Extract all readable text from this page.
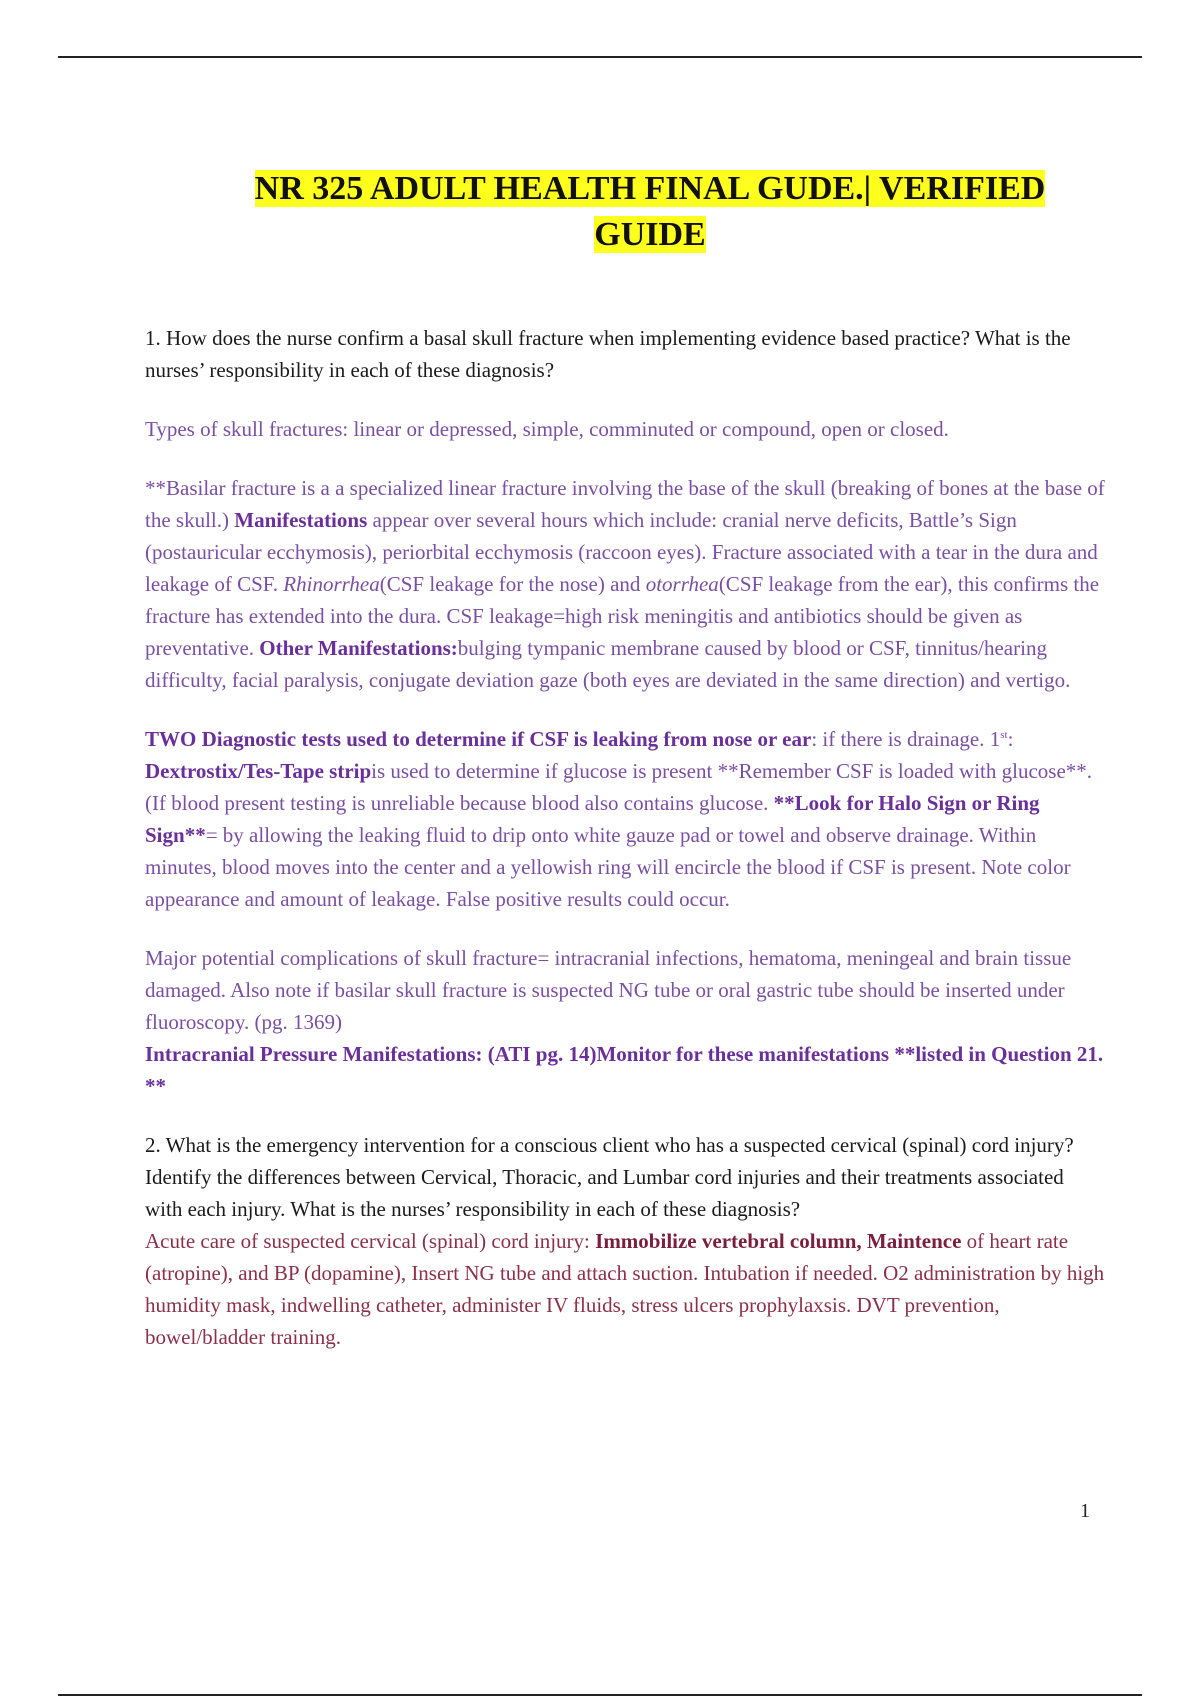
NR 325 ADULT HEALTH FINAL GUDE.| VERIFIED
GUIDE

1. How does the nurse confirm a basal skull fracture when implementing evidence based practice? What is the nurses’ responsibility in each of these diagnosis?

Types of skull fractures: linear or depressed, simple, comminuted or compound, open or closed.

**Basilar fracture is a a specialized linear fracture involving the base of the skull (breaking of bones at the base of the skull.) Manifestations appear over several hours which include: cranial nerve deficits, Battle’s Sign (postauricular ecchymosis), periorbital ecchymosis (raccoon eyes). Fracture associated with a tear in the dura and leakage of CSF. Rhinorrhea(CSF leakage for the nose) and otorrhea(CSF leakage from the ear), this confirms the fracture has extended into the dura. CSF leakage=high risk meningitis and antibiotics should be given as preventative. Other Manifestations:bulging tympanic membrane caused by blood or CSF, tinnitus/hearing difficulty, facial paralysis, conjugate deviation gaze (both eyes are deviated in the same direction) and vertigo.

TWO Diagnostic tests used to determine if CSF is leaking from nose or ear: if there is drainage. 1st: Dextrostix/Tes-Tape stripis used to determine if glucose is present **Remember CSF is loaded with glucose**. (If blood present testing is unreliable because blood also contains glucose. **Look for Halo Sign or Ring Sign**= by allowing the leaking fluid to drip onto white gauze pad or towel and observe drainage. Within minutes, blood moves into the center and a yellowish ring will encircle the blood if CSF is present. Note color appearance and amount of leakage. False positive results could occur.

Major potential complications of skull fracture= intracranial infections, hematoma, meningeal and brain tissue damaged. Also note if basilar skull fracture is suspected NG tube or oral gastric tube should be inserted under fluoroscopy. (pg. 1369)

Intracranial Pressure Manifestations: (ATI pg. 14)Monitor for these manifestations **listed in Question 21. **

2. What is the emergency intervention for a conscious client who has a suspected cervical (spinal) cord injury? Identify the differences between Cervical, Thoracic, and Lumbar cord injuries and their treatments associated with each injury. What is the nurses’ responsibility in each of these diagnosis?

Acute care of suspected cervical (spinal) cord injury: Immobilize vertebral column, Maintence of heart rate (atropine), and BP (dopamine), Insert NG tube and attach suction. Intubation if needed. O2 administration by high humidity mask, indwelling catheter, administer IV fluids, stress ulcers prophylaxsis. DVT prevention, bowel/bladder training.

1
